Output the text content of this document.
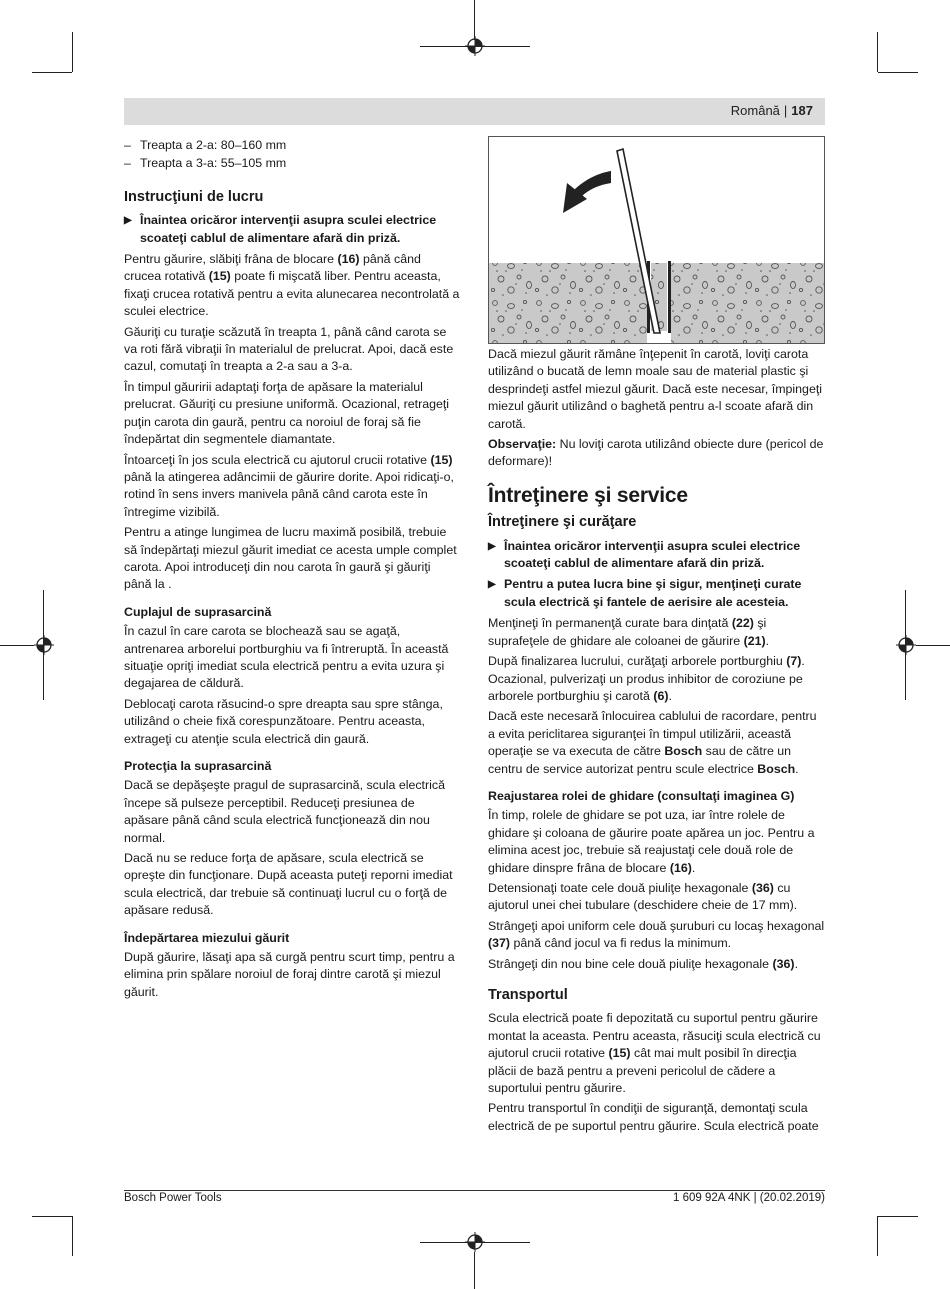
Română | 187
– Treapta a 2-a: 80–160 mm
– Treapta a 3-a: 55–105 mm
Instrucţiuni de lucru
▶ Înaintea oricăror intervenţii asupra sculei electrice scoateţi cablul de alimentare afară din priză.

Pentru găurire, slăbiţi frâna de blocare (16) până când crucea rotativă (15) poate fi mişcată liber. Pentru aceasta, fixaţi crucea rotativă pentru a evita alunecarea necontrolată a sculei electrice.

Găuriţi cu turaţie scăzută în treapta 1, până când carota se va roti fără vibraţii în materialul de prelucrat. Apoi, dacă este cazul, comutaţi în treapta a 2-a sau a 3-a.

În timpul găuririi adaptaţi forţa de apăsare la materialul prelucrat. Găuriţi cu presiune uniformă. Ocazional, retrageţi puţin carota din gaură, pentru ca noroiul de foraj să fie îndepărtat din segmentele diamantate.

Întoarceţi în jos scula electrică cu ajutorul crucii rotative (15) până la atingerea adâncimii de găurire dorite. Apoi ridicaţi-o, rotind în sens invers manivela până când carota este în întregime vizibilă.

Pentru a atinge lungimea de lucru maximă posibilă, trebuie să îndepărtaţi miezul găurit imediat ce acesta umple complet carota. Apoi introduceţi din nou carota în gaură şi găuriţi până la .

Cuplajul de suprasarcină

În cazul în care carota se blochează sau se agaţă, antrenarea arborelui portburghiu va fi întreruptă. În această situaţie opriţi imediat scula electrică pentru a evita uzura şi degajarea de căldură.

Deblocaţi carota răsucind-o spre dreapta sau spre stânga, utilizând o cheie fixă corespunzătoare. Pentru aceasta, extrageţi cu atenţie scula electrică din gaură.

Protecţia la suprasarcină

Dacă se depăşeşte pragul de suprasarcină, scula electrică începe să pulseze perceptibil. Reduceţi presiunea de apăsare până când scula electrică funcţionează din nou normal.

Dacă nu se reduce forţa de apăsare, scula electrică se opreşte din funcţionare. După aceasta puteţi reporni imediat scula electrică, dar trebuie să continuaţi lucrul cu o forţă de apăsare redusă.

Îndepărtarea miezului găurit

După găurire, lăsaţi apa să curgă pentru scurt timp, pentru a elimina prin spălare noroiul de foraj dintre carotă şi miezul găurit.

Dacă miezul găurit rămâne înţepenit în carotă, loviţi carota utilizând o bucată de lemn moale sau de material plastic şi desprindeţi astfel miezul găurit. Dacă este necesar, împingeţi miezul găurit utilizând o baghetă pentru a-l scoate afară din carotă.

Observaţie: Nu loviţi carota utilizând obiecte dure (pericol de deformare)!

Întreţinere şi service
Întreţinere şi curăţare
▶ Înaintea oricăror intervenţii asupra sculei electrice scoateţi cablul de alimentare afară din priză.
▶ Pentru a putea lucra bine şi sigur, menţineţi curate scula electrică şi fantele de aerisire ale acesteia.

Menţineţi în permanenţă curate bara dinţată (22) şi suprafeţele de ghidare ale coloanei de găurire (21).

După finalizarea lucrului, curăţaţi arborele portburghiu (7). Ocazional, pulverizaţi un produs inhibitor de coroziune pe arborele portburghiu şi carotă (6).

Dacă este necesară înlocuirea cablului de racordare, pentru a evita periclitarea siguranţei în timpul utilizării, această operaţie se va executa de către Bosch sau de către un centru de service autorizat pentru scule electrice Bosch.

Reajustarea rolei de ghidare (consultaţi imaginea G)

În timp, rolele de ghidare se pot uza, iar între rolele de ghidare şi coloana de găurire poate apărea un joc. Pentru a elimina acest joc, trebuie să reajustaţi cele două role de ghidare dinspre frâna de blocare (16).

Detensionaţi toate cele două piuliţe hexagonale (36) cu ajutorul unei chei tubulare (deschidere cheie de 17 mm).

Strângeţi apoi uniform cele două şuruburi cu locaş hexagonal (37) până când jocul va fi redus la minimum.

Strângeţi din nou bine cele două piuliţe hexagonale (36).

Transportul

Scula electrică poate fi depozitată cu suportul pentru găurire montat la aceasta. Pentru aceasta, răsuciţi scula electrică cu ajutorul crucii rotative (15) cât mai mult posibil în direcţia plăcii de bază pentru a preveni pericolul de cădere a suportului pentru găurire.

Pentru transportul în condiţii de siguranţă, demontaţi scula electrică de pe suportul pentru găurire. Scula electrică poate

Bosch Power Tools	1 609 92A 4NK | (20.02.2019)
